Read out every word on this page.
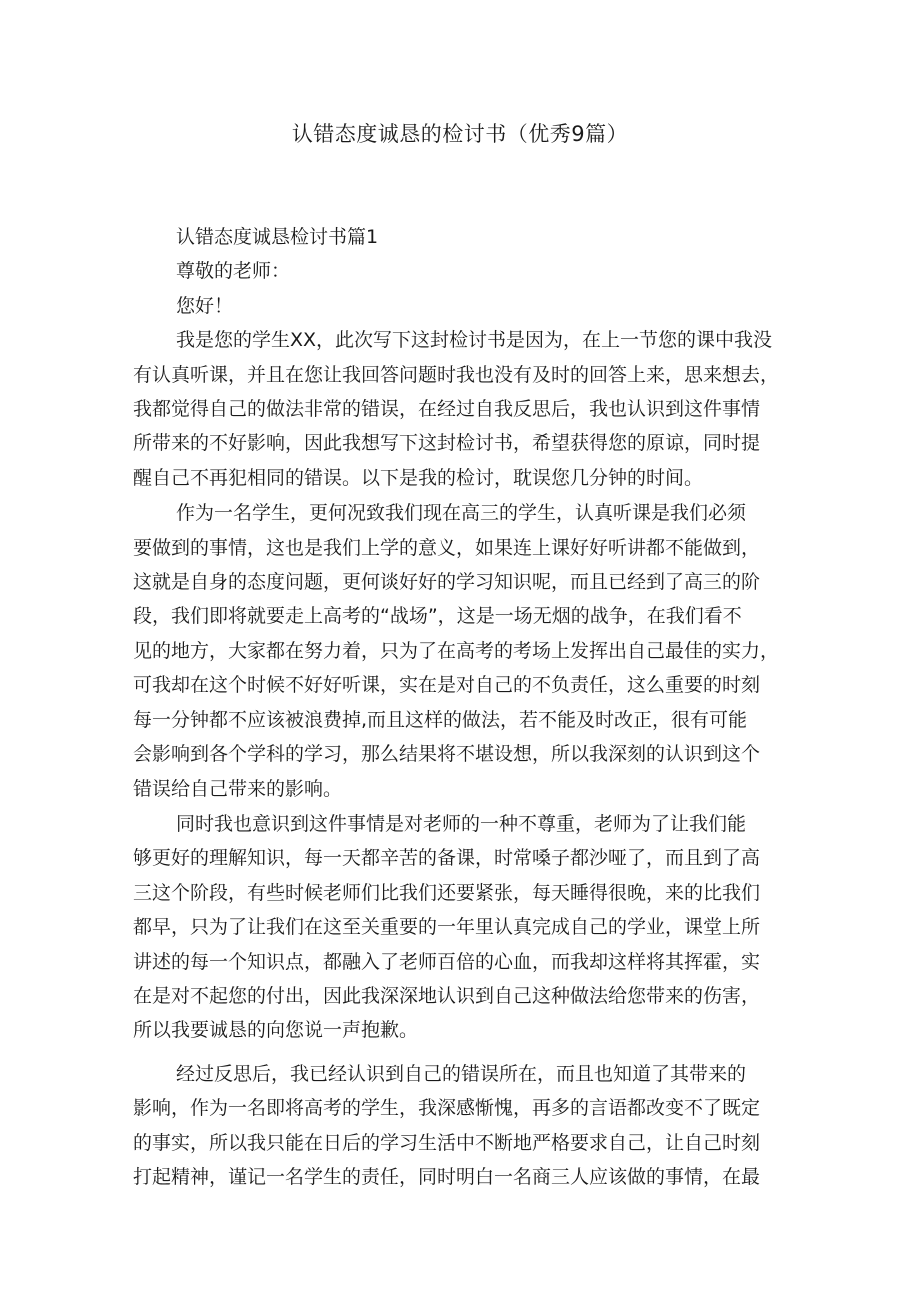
认错态度诚恳的检讨书（优秀9篇）

认错态度诚恳检讨书篇1

尊敬的老师：

您好！

我是您的学生XX，此次写下这封检讨书是因为，在上一节您的课中我没
有认真听课，并且在您让我回答问题时我也没有及时的回答上来，思来想去，
我都觉得自己的做法非常的错误，在经过自我反思后，我也认识到这件事情
所带来的不好影响，因此我想写下这封检讨书，希望获得您的原谅，同时提
醒自己不再犯相同的错误。以下是我的检讨，耽误您几分钟的时间。
作为一名学生，更何况致我们现在高三的学生，认真听课是我们必须
要做到的事情，这也是我们上学的意义，如果连上课好好听讲都不能做到，
这就是自身的态度问题，更何谈好好的学习知识呢，而且已经到了高三的阶
段，我们即将就要走上高考的“战场”，这是一场无烟的战争，在我们看不
见的地方，大家都在努力着，只为了在高考的考场上发挥出自己最佳的实力，
可我却在这个时候不好好听课，实在是对自己的不负责任，这么重要的时刻
每一分钟都不应该被浪费掉,而且这样的做法，若不能及时改正，很有可能
会影响到各个学科的学习，那么结果将不堪设想，所以我深刻的认识到这个
错误给自己带来的影响。
同时我也意识到这件事情是对老师的一种不尊重，老师为了让我们能
够更好的理解知识，每一天都辛苦的备课，时常嗓子都沙哑了，而且到了高
三这个阶段，有些时候老师们比我们还要紧张，每天睡得很晚，来的比我们
都早，只为了让我们在这至关重要的一年里认真完成自己的学业，课堂上所
讲述的每一个知识点，都融入了老师百倍的心血，而我却这样将其挥霍，实
在是对不起您的付出，因此我深深地认识到自己这种做法给您带来的伤害，
所以我要诚恳的向您说一声抱歉。
经过反思后，我已经认识到自己的错误所在，而且也知道了其带来的
影响，作为一名即将高考的学生，我深感惭愧，再多的言语都改变不了既定
的事实，所以我只能在日后的学习生活中不断地严格要求自己，让自己时刻
打起精神，谨记一名学生的责任，同时明白一名商三人应该做的事情，在最
